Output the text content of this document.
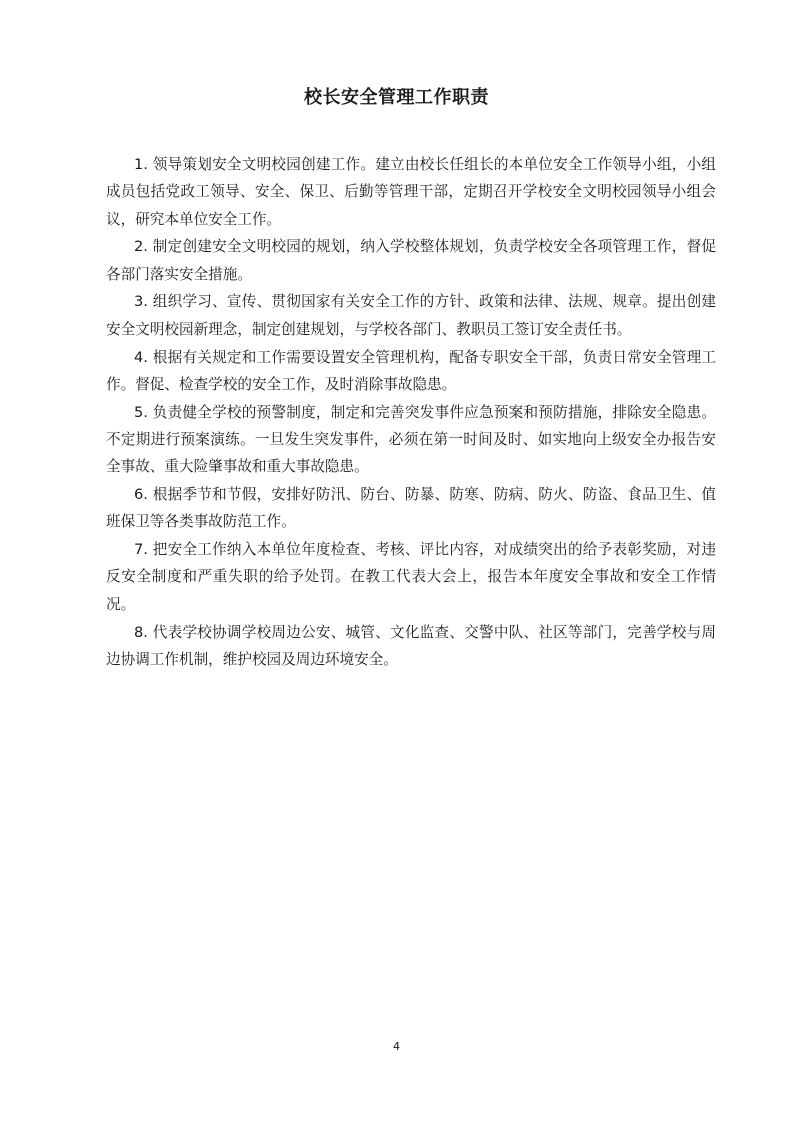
校长安全管理工作职责

1. 领导策划安全文明校园创建工作。建立由校长任组长的本单位安全工作领导小组，小组成员包括党政工领导、安全、保卫、后勤等管理干部，定期召开学校安全文明校园领导小组会议，研究本单位安全工作。

2. 制定创建安全文明校园的规划，纳入学校整体规划，负责学校安全各项管理工作，督促各部门落实安全措施。

3. 组织学习、宣传、贯彻国家有关安全工作的方针、政策和法律、法规、规章。提出创建安全文明校园新理念，制定创建规划，与学校各部门、教职员工签订安全责任书。

4. 根据有关规定和工作需要设置安全管理机构，配备专职安全干部，负责日常安全管理工作。督促、检查学校的安全工作，及时消除事故隐患。

5. 负责健全学校的预警制度，制定和完善突发事件应急预案和预防措施，排除安全隐患。不定期进行预案演练。一旦发生突发事件，必须在第一时间及时、如实地向上级安全办报告安全事故、重大险肇事故和重大事故隐患。

6. 根据季节和节假，安排好防汛、防台、防暴、防寒、防病、防火、防盗、食品卫生、值班保卫等各类事故防范工作。

7. 把安全工作纳入本单位年度检查、考核、评比内容，对成绩突出的给予表彰奖励，对违反安全制度和严重失职的给予处罚。在教工代表大会上，报告本年度安全事故和安全工作情况。

8. 代表学校协调学校周边公安、城管、文化监查、交警中队、社区等部门，完善学校与周边协调工作机制，维护校园及周边环境安全。

4
